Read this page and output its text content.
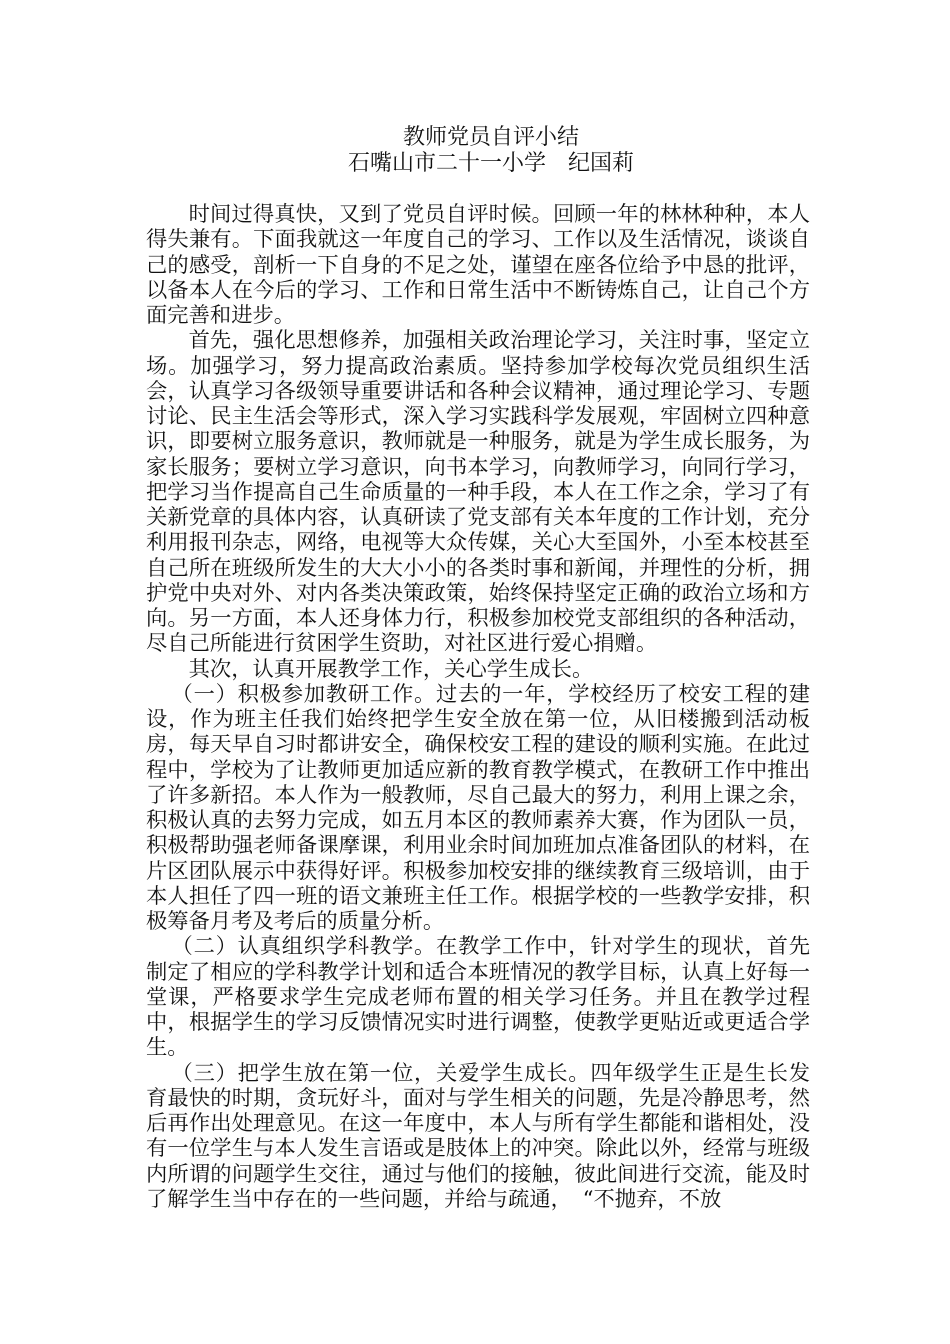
教师党员自评小结
石嘴山市二十一小学　纪国莉

时间过得真快，又到了党员自评时候。回顾一年的林林种种，本人得失兼有。下面我就这一年度自己的学习、工作以及生活情况，谈谈自己的感受，剖析一下自身的不足之处，谨望在座各位给予中恳的批评，以备本人在今后的学习、工作和日常生活中不断铸炼自己，让自己个方面完善和进步。

首先，强化思想修养，加强相关政治理论学习，关注时事，坚定立场。加强学习，努力提高政治素质。坚持参加学校每次党员组织生活会，认真学习各级领导重要讲话和各种会议精神，通过理论学习、专题讨论、民主生活会等形式，深入学习实践科学发展观，牢固树立四种意识，即要树立服务意识，教师就是一种服务，就是为学生成长服务，为家长服务；要树立学习意识，向书本学习，向教师学习，向同行学习，把学习当作提高自己生命质量的一种手段，本人在工作之余，学习了有关新党章的具体内容，认真研读了党支部有关本年度的工作计划，充分利用报刊杂志，网络，电视等大众传媒，关心大至国外，小至本校甚至自己所在班级所发生的大大小小的各类时事和新闻，并理性的分析，拥护党中央对外、对内各类决策政策，始终保持坚定正确的政治立场和方向。另一方面，本人还身体力行，积极参加校党支部组织的各种活动，尽自己所能进行贫困学生资助，对社区进行爱心捐赠。

其次，认真开展教学工作，关心学生成长。

（一）积极参加教研工作。过去的一年，学校经历了校安工程的建设，作为班主任我们始终把学生安全放在第一位，从旧楼搬到活动板房，每天早自习时都讲安全，确保校安工程的建设的顺利实施。在此过程中，学校为了让教师更加适应新的教育教学模式，在教研工作中推出了许多新招。本人作为一般教师，尽自己最大的努力，利用上课之余，积极认真的去努力完成，如五月本区的教师素养大赛，作为团队一员，积极帮助强老师备课摩课，利用业余时间加班加点准备团队的材料，在片区团队展示中获得好评。积极参加校安排的继续教育三级培训，由于本人担任了四一班的语文兼班主任工作。根据学校的一些教学安排，积极筹备月考及考后的质量分析。

（二）认真组织学科教学。在教学工作中，针对学生的现状，首先制定了相应的学科教学计划和适合本班情况的教学目标，认真上好每一堂课，严格要求学生完成老师布置的相关学习任务。并且在教学过程中，根据学生的学习反馈情况实时进行调整，使教学更贴近或更适合学生。

（三）把学生放在第一位，关爱学生成长。四年级学生正是生长发育最快的时期，贪玩好斗，面对与学生相关的问题，先是冷静思考，然后再作出处理意见。在这一年度中，本人与所有学生都能和谐相处，没有一位学生与本人发生言语或是肢体上的冲突。除此以外，经常与班级内所谓的问题学生交往，通过与他们的接触，彼此间进行交流，能及时了解学生当中存在的一些问题，并给与疏通，　“不抛弃，不放
